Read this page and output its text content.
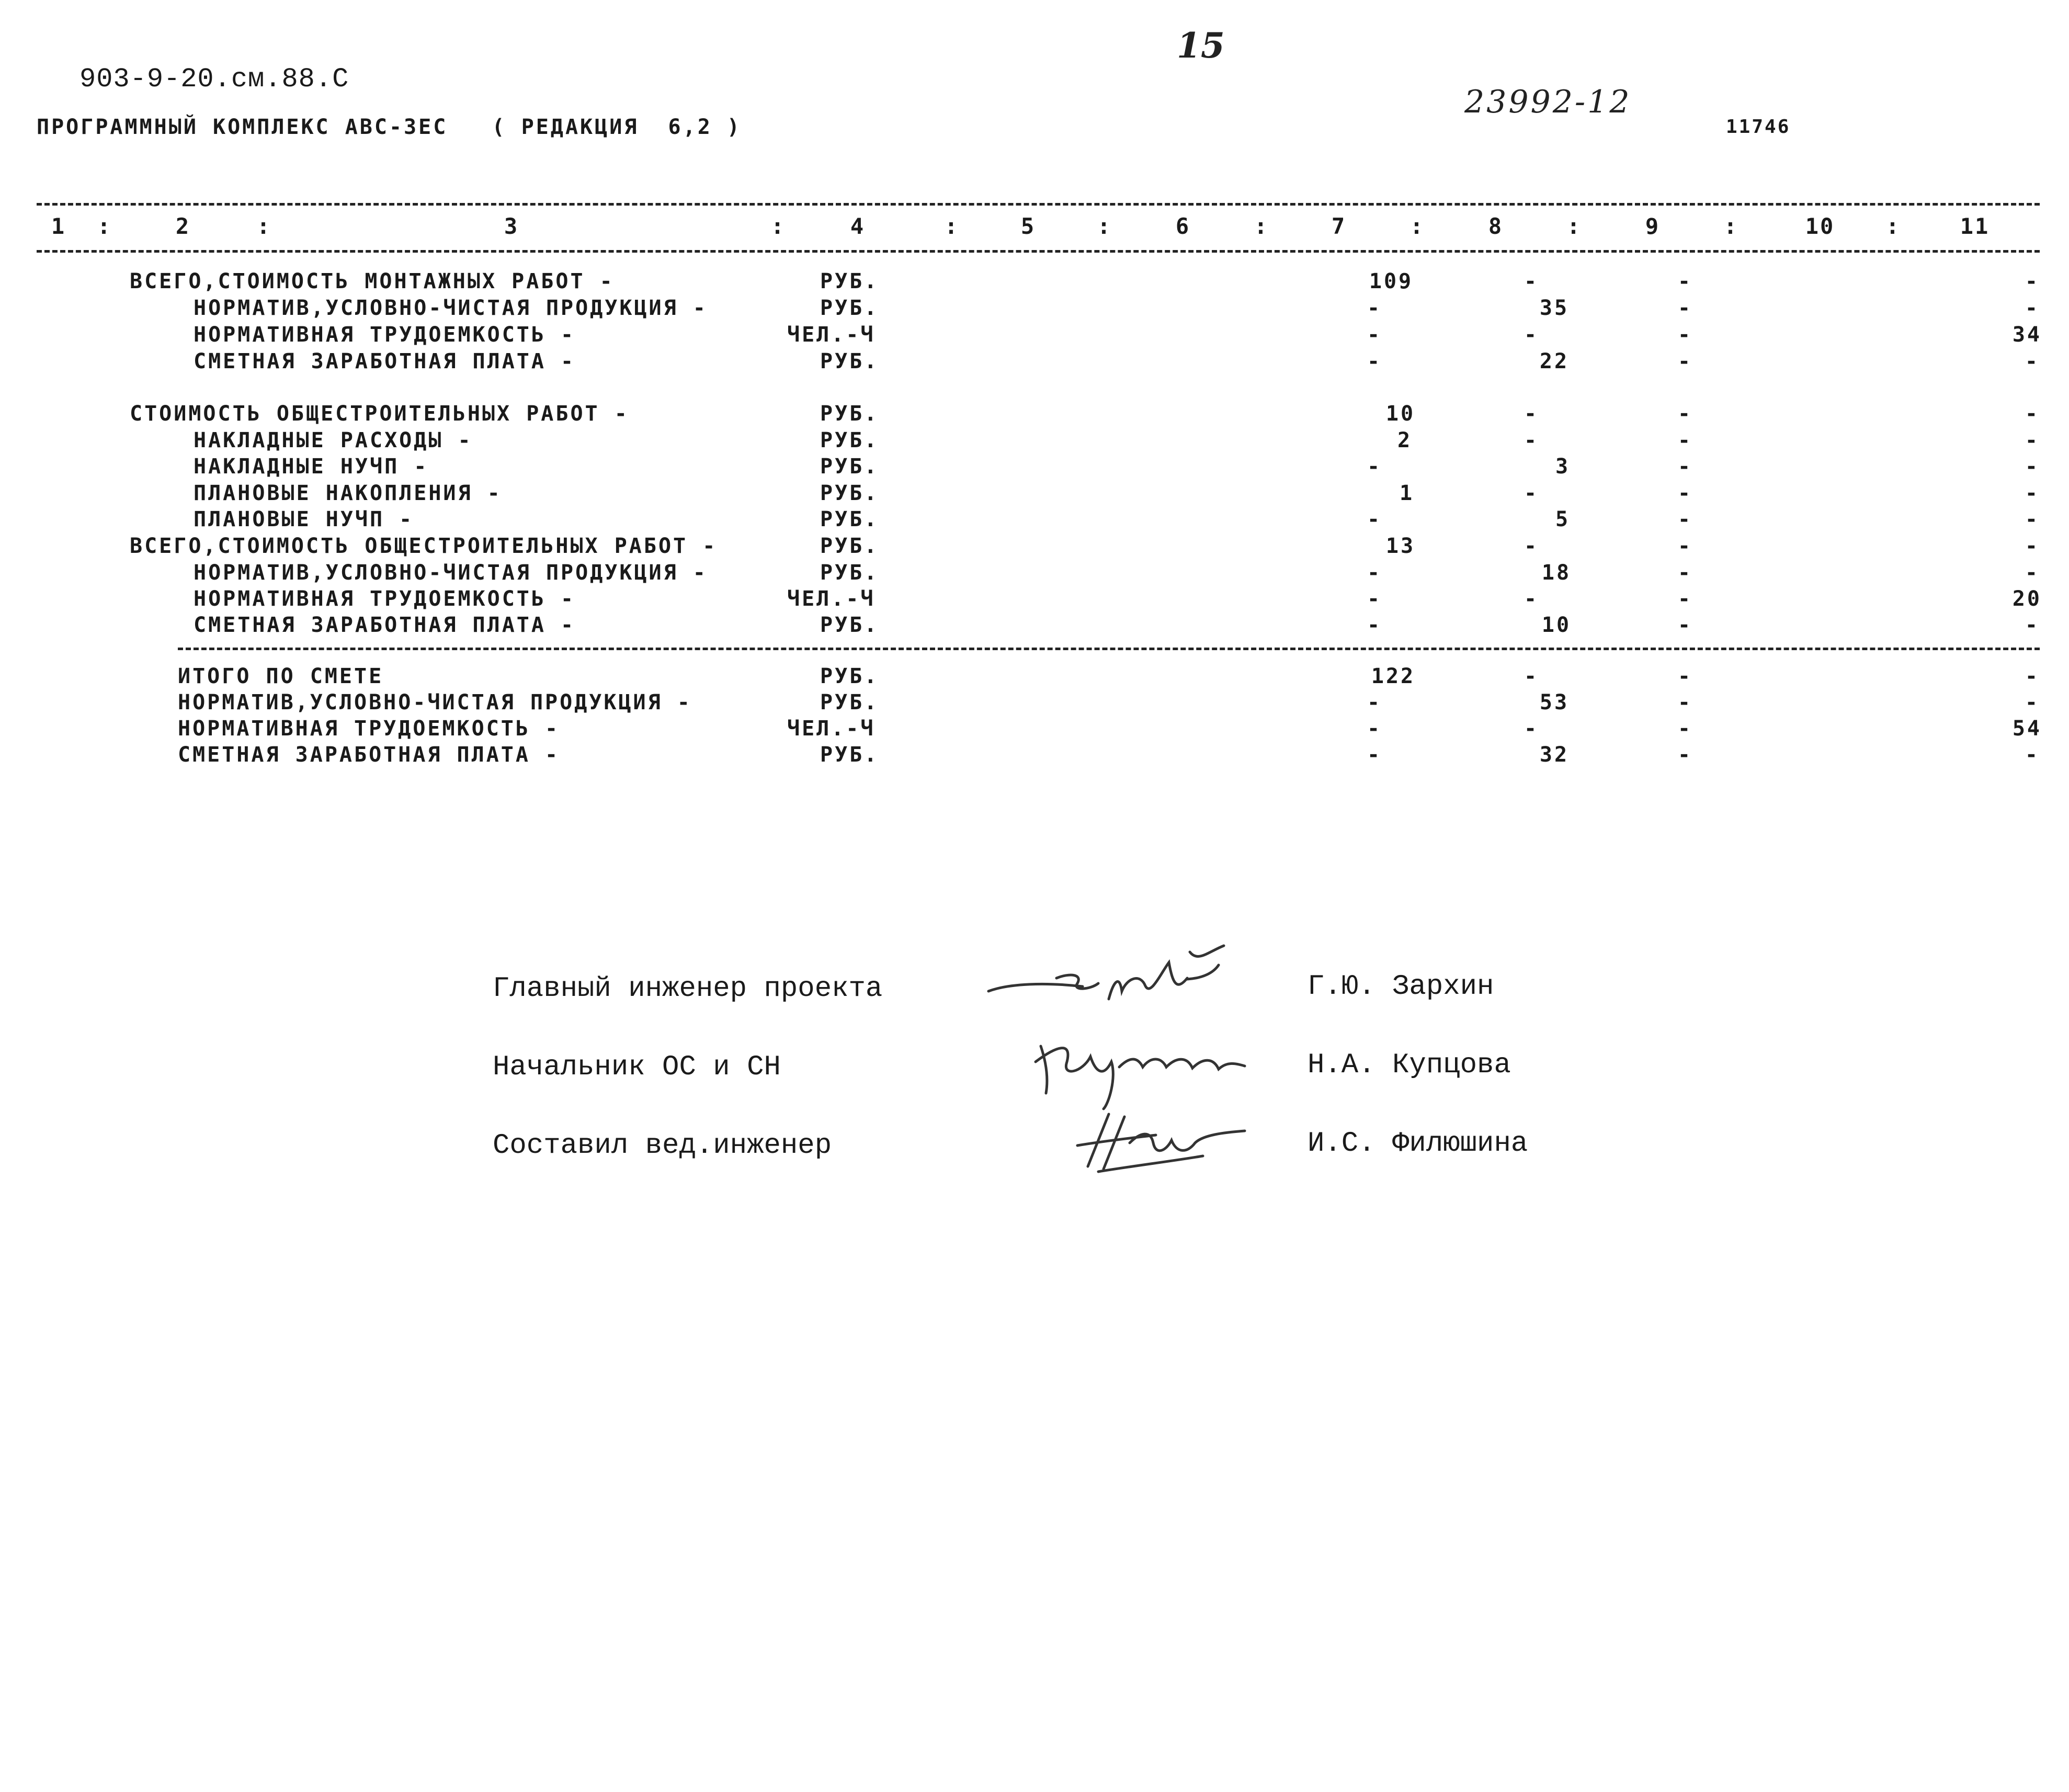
903-9-20.см.88.С
ПРОГРАММНЫЙ КОМПЛЕКС АВС-3ЕС   ( РЕДАКЦИЯ  6,2 )
15
23992-12
11746
1	2	3	4	5	6	7	8	9	10	11
:	:	:	:	:	:	:	:	:	:
ВСЕГО,СТОИМОСТЬ МОНТАЖНЫХ РАБОТ -	РУБ.	109	-	-	-
НОРМАТИВ,УСЛОВНО-ЧИСТАЯ ПРОДУКЦИЯ -	РУБ.	-	35	-	-
НОРМАТИВНАЯ ТРУДОЕМКОСТЬ -	ЧЕЛ.-Ч	-	-	-	34
СМЕТНАЯ ЗАРАБОТНАЯ ПЛАТА -	РУБ.	-	22	-	-
СТОИМОСТЬ ОБЩЕСТРОИТЕЛЬНЫХ РАБОТ -	РУБ.	10	-	-	-
НАКЛАДНЫЕ РАСХОДЫ -	РУБ.	2	-	-	-
НАКЛАДНЫЕ НУЧП -	РУБ.	-	3	-	-
ПЛАНОВЫЕ НАКОПЛЕНИЯ -	РУБ.	1	-	-	-
ПЛАНОВЫЕ НУЧП -	РУБ.	-	5	-	-
ВСЕГО,СТОИМОСТЬ ОБЩЕСТРОИТЕЛЬНЫХ РАБОТ -	РУБ.	13	-	-	-
НОРМАТИВ,УСЛОВНО-ЧИСТАЯ ПРОДУКЦИЯ -	РУБ.	-	18	-	-
НОРМАТИВНАЯ ТРУДОЕМКОСТЬ -	ЧЕЛ.-Ч	-	-	-	20
СМЕТНАЯ ЗАРАБОТНАЯ ПЛАТА -	РУБ.	-	10	-	-
ИТОГО ПО СМЕТЕ	РУБ.	122	-	-	-
НОРМАТИВ,УСЛОВНО-ЧИСТАЯ ПРОДУКЦИЯ -	РУБ.	-	53	-	-
НОРМАТИВНАЯ ТРУДОЕМКОСТЬ -	ЧЕЛ.-Ч	-	-	-	54
СМЕТНАЯ ЗАРАБОТНАЯ ПЛАТА -	РУБ.	-	32	-	-
Главный инженер проекта	Г.Ю. Зархин
Начальник ОС и СН	Н.А. Купцова
Составил вед.инженер	И.С. Филюшина
